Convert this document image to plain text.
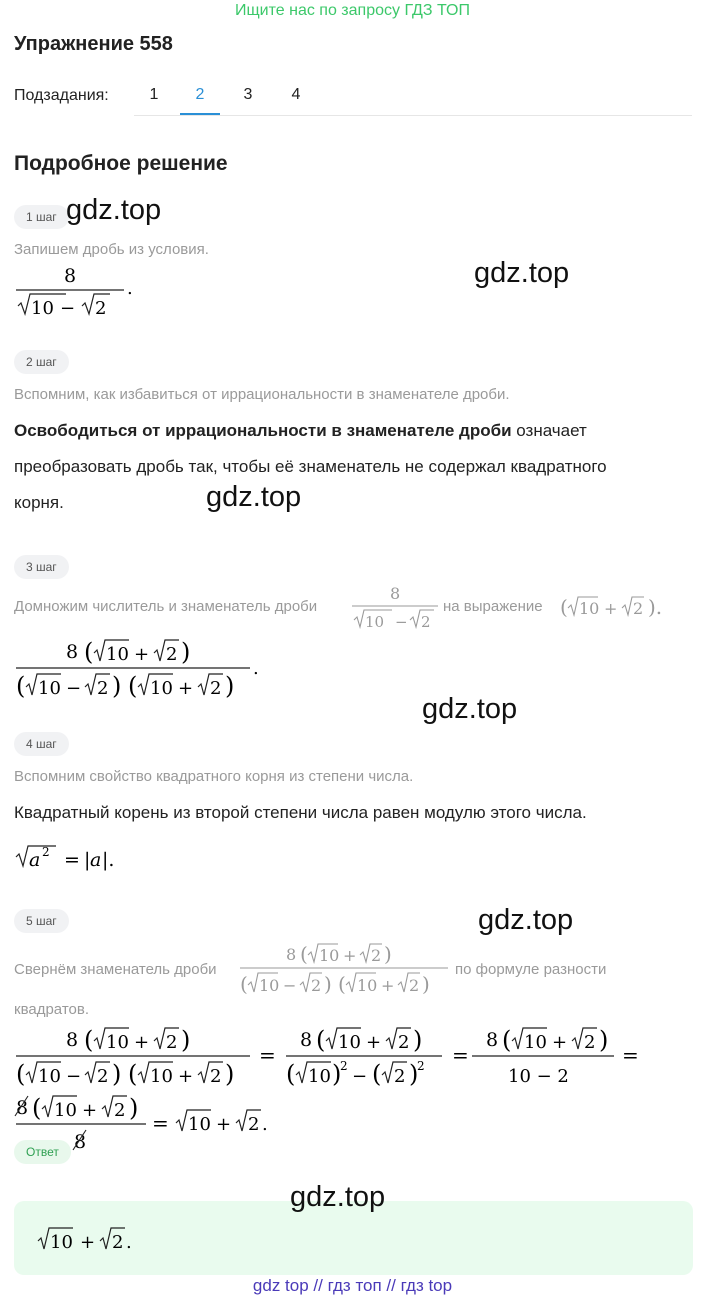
Ищите нас по запросу ГДЗ ТОП
Упражнение 558
Подзадания:	1	2	3	4
Подробное решение
1 шаг
Запишем дробь из условия.
8
10 − 2
.
2 шаг
Вспомним, как избавиться от иррациональности в знаменателе дроби.
Освободиться от иррациональности в знаменателе дроби означает
преобразовать дробь так, чтобы её знаменатель не содержал квадратного
корня.
3 шаг
Домножим числитель и знаменатель дроби
8
10 − 2
на выражение ( 10 + 2 ).
8 ( 10 + 2 )
( 10 − 2 ) ( 10 + 2 )
.
4 шаг
Вспомним свойство квадратного корня из степени числа.
Квадратный корень из второй степени числа равен модулю этого числа.
a 2 = | a |.
5 шаг
Свернём знаменатель дроби
8 ( 10 + 2 )
( 10 − 2 ) ( 10 + 2 )
по формуле разности
квадратов.
8 ( 10 + 2 )
( 10 − 2 ) ( 10 + 2 )
=
8 ( 10 + 2 )
( 10 )
2 − ( 2 )
2 =
8 ( 10 + 2 )
10 − 2
=
8 ( 10 + 2 )
8
= 10 + 2 .
Ответ
10 + 2 .
gdz.top
gdz.top
gdz.top
gdz.top
gdz.top
gdz.top
gdz top // гдз топ // гдз top
